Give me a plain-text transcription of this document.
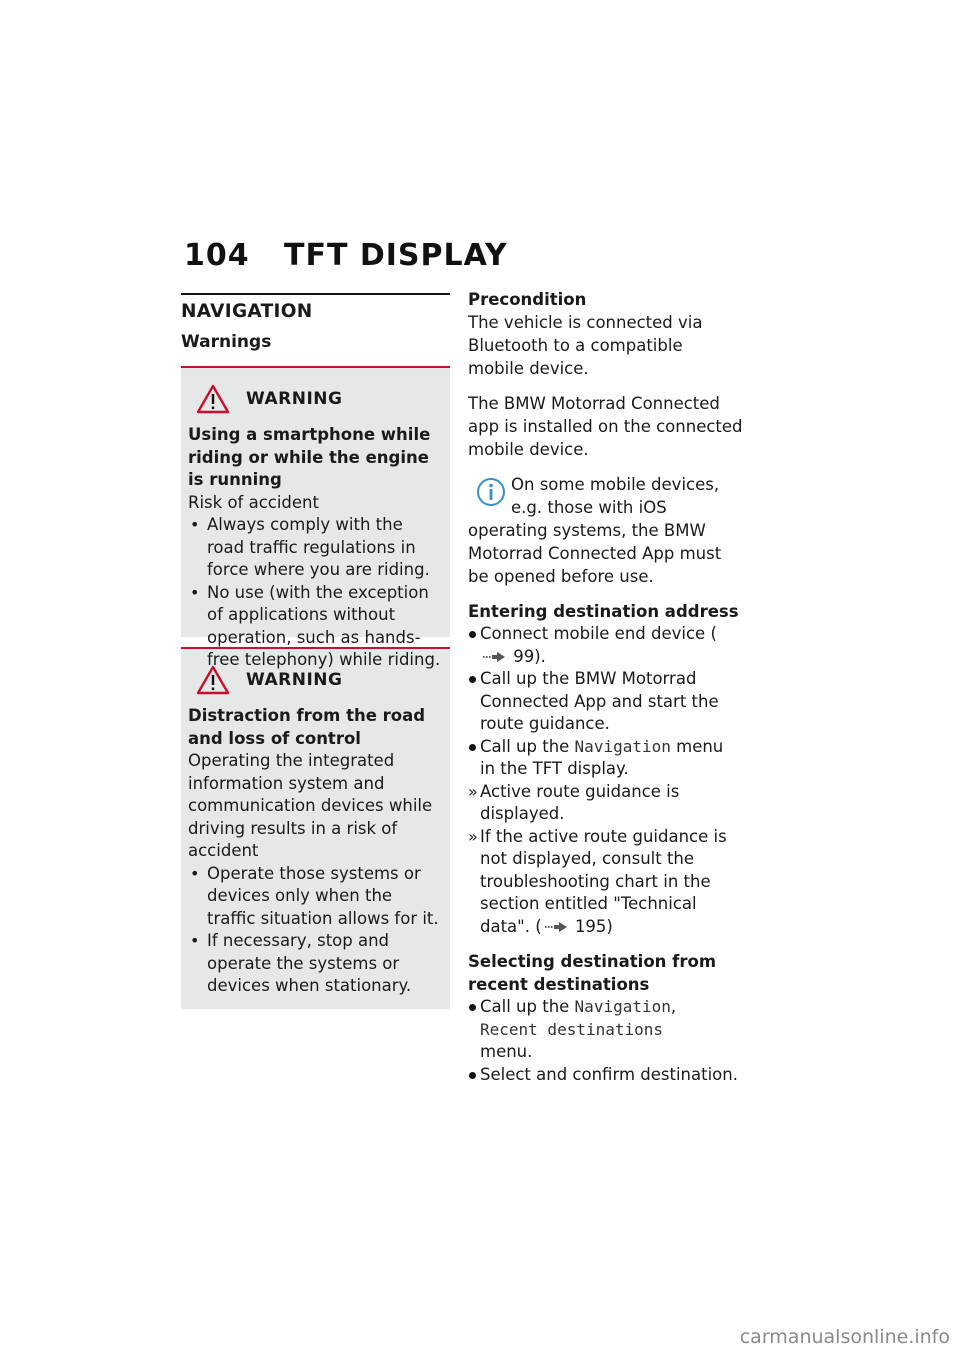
104 TFT DISPLAY
NAVIGATION
Warnings
WARNING
Using a smartphone while riding or while the engine is running
Risk of accident
• Always comply with the road traffic regulations in force where you are riding.
• No use (with the exception of applications without operation, such as hands-free telephony) while riding.
WARNING
Distraction from the road and loss of control
Operating the integrated information system and communication devices while driving results in a risk of accident
• Operate those systems or devices only when the traffic situation allows for it.
• If necessary, stop and operate the systems or devices when stationary.
Precondition

The vehicle is connected via Bluetooth to a compatible mobile device.

The BMW Motorrad Connected app is installed on the connected mobile device.

On some mobile devices,
e.g. those with iOS
operating systems, the BMW Motorrad Connected App must be opened before use.
Entering destination address
Connect mobile end device ( 99).
Call up the BMW Motorrad Connected App and start the route guidance.
Call up the Navigation menu in the TFT display.
» Active route guidance is displayed.
» If the active route guidance is not displayed, consult the troubleshooting chart in the section entitled "Technical data". ( 195)
Selecting destination from recent destinations
Call up the Navigation,
Recent destinations
menu.
Select and confirm destination.
carmanualsonline.info
